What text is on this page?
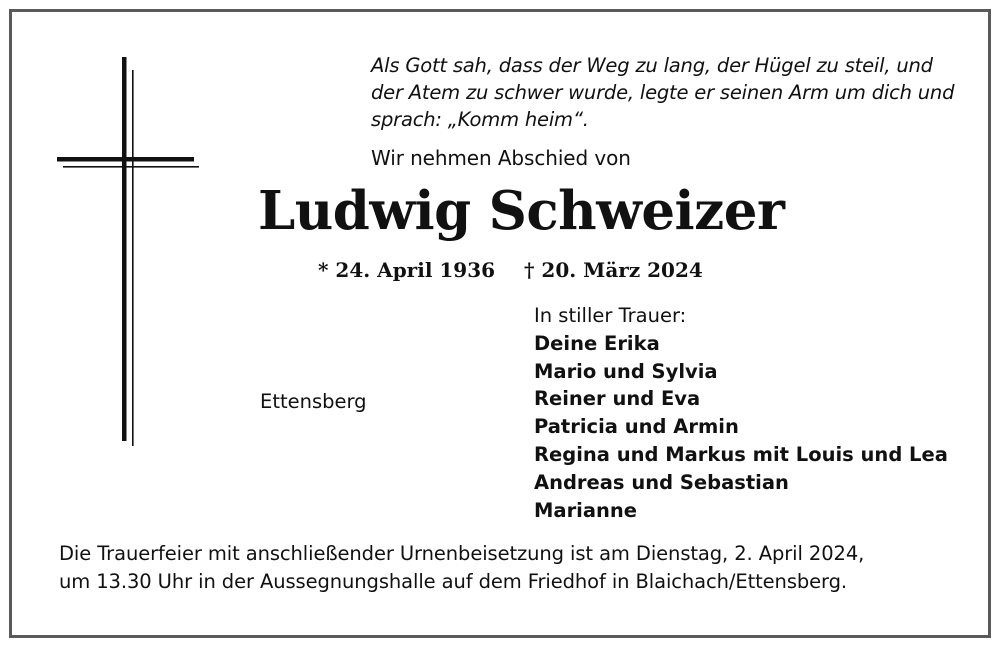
Als Gott sah, dass der Weg zu lang, der Hügel zu steil, und
der Atem zu schwer wurde, legte er seinen Arm um dich und
sprach: „Komm heim“.
Wir nehmen Abschied von
Ludwig Schweizer
* 24. April 1936 † 20. März 2024
Ettensberg
In stiller Trauer:
Deine Erika
Mario und Sylvia
Reiner und Eva
Patricia und Armin
Regina und Markus mit Louis und Lea
Andreas und Sebastian
Marianne
Die Trauerfeier mit anschließender Urnenbeisetzung ist am Dienstag, 2. April 2024,
um 13.30 Uhr in der Aussegnungshalle auf dem Friedhof in Blaichach/Ettensberg.
